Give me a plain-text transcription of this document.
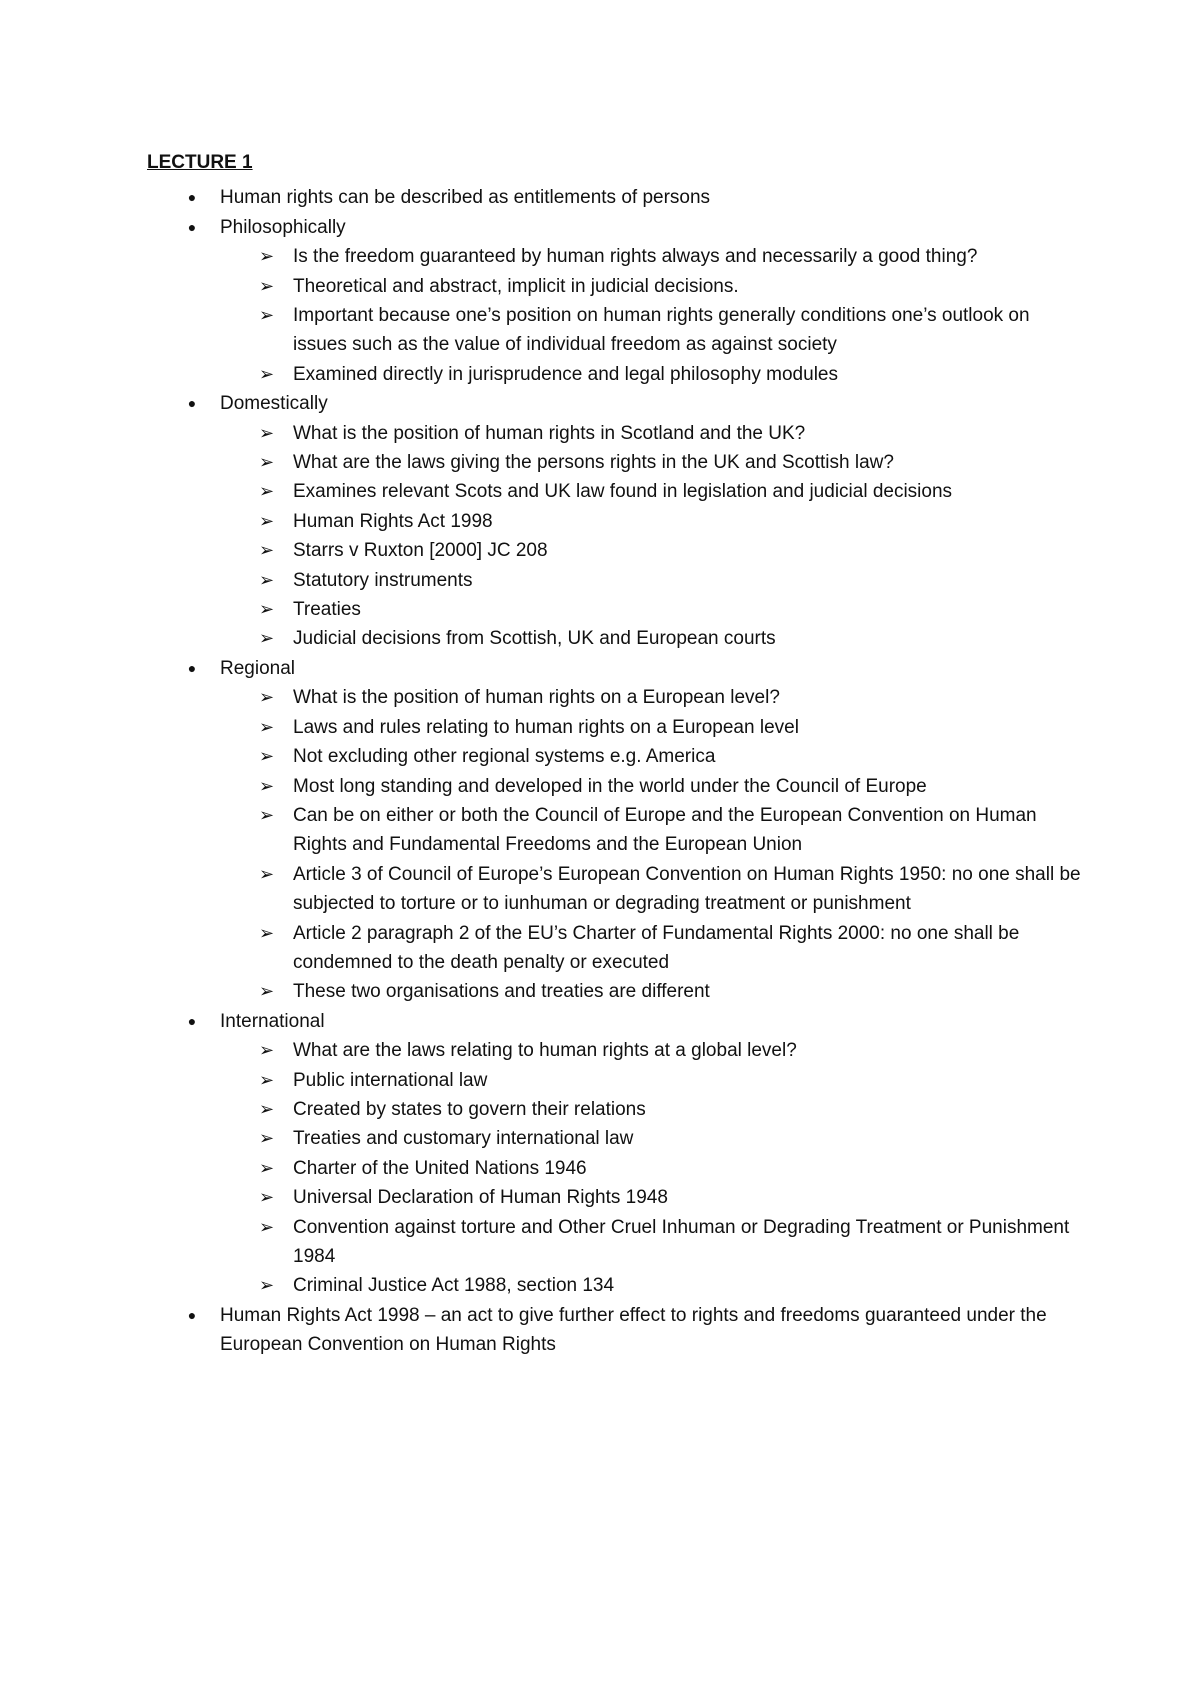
LECTURE 1
● Human rights can be described as entitlements of persons
● Philosophically
➢ Is the freedom guaranteed by human rights always and necessarily a good thing?
➢ Theoretical and abstract, implicit in judicial decisions.
➢ Important because one’s position on human rights generally conditions one’s outlook on issues such as the value of individual freedom as against society
➢ Examined directly in jurisprudence and legal philosophy modules
● Domestically
➢ What is the position of human rights in Scotland and the UK?
➢ What are the laws giving the persons rights in the UK and Scottish law?
➢ Examines relevant Scots and UK law found in legislation and judicial decisions
➢ Human Rights Act 1998
➢ Starrs v Ruxton [2000] JC 208
➢ Statutory instruments
➢ Treaties
➢ Judicial decisions from Scottish, UK and European courts
● Regional
➢ What is the position of human rights on a European level?
➢ Laws and rules relating to human rights on a European level
➢ Not excluding other regional systems e.g. America
➢ Most long standing and developed in the world under the Council of Europe
➢ Can be on either or both the Council of Europe and the European Convention on Human Rights and Fundamental Freedoms and the European Union
➢ Article 3 of Council of Europe’s European Convention on Human Rights 1950: no one shall be subjected to torture or to iunhuman or degrading treatment or punishment
➢ Article 2 paragraph 2 of the EU’s Charter of Fundamental Rights 2000: no one shall be condemned to the death penalty or executed
➢ These two organisations and treaties are different
● International
➢ What are the laws relating to human rights at a global level?
➢ Public international law
➢ Created by states to govern their relations
➢ Treaties and customary international law
➢ Charter of the United Nations 1946
➢ Universal Declaration of Human Rights 1948
➢ Convention against torture and Other Cruel Inhuman or Degrading Treatment or Punishment 1984
➢ Criminal Justice Act 1988, section 134
● Human Rights Act 1998 – an act to give further effect to rights and freedoms guaranteed under the European Convention on Human Rights
